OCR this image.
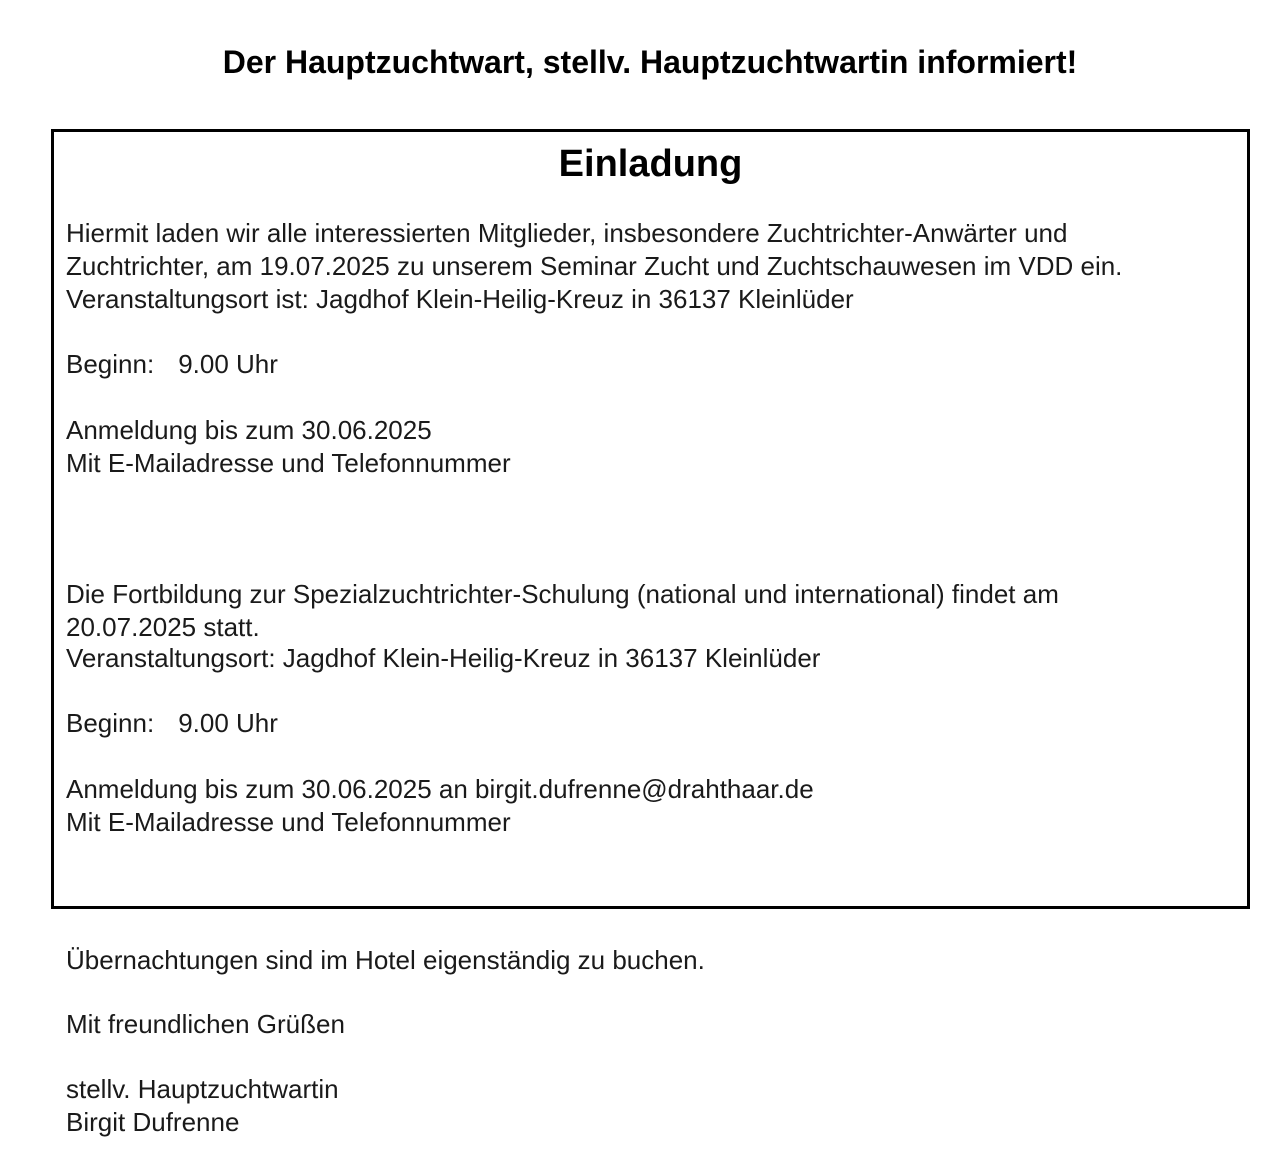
Der Hauptzuchtwart, stellv. Hauptzuchtwartin informiert!
Einladung

Hiermit laden wir alle interessierten Mitglieder, insbesondere Zuchtrichter-Anwärter und

Zuchtrichter, am 19.07.2025 zu unserem Seminar Zucht und Zuchtschauwesen im VDD ein.

Veranstaltungsort ist: Jagdhof Klein-Heilig-Kreuz in 36137 Kleinlüder

Beginn: 9.00 Uhr

Anmeldung bis zum 30.06.2025

Mit E-Mailadresse und Telefonnummer

Die Fortbildung zur Spezialzuchtrichter-Schulung (national und international) findet am

20.07.2025 statt.

Veranstaltungsort: Jagdhof Klein-Heilig-Kreuz in 36137 Kleinlüder

Beginn: 9.00 Uhr

Anmeldung bis zum 30.06.2025 an birgit.dufrenne@drahthaar.de

Mit E-Mailadresse und Telefonnummer

Übernachtungen sind im Hotel eigenständig zu buchen.

Mit freundlichen Grüßen

stellv. Hauptzuchtwartin

Birgit Dufrenne
